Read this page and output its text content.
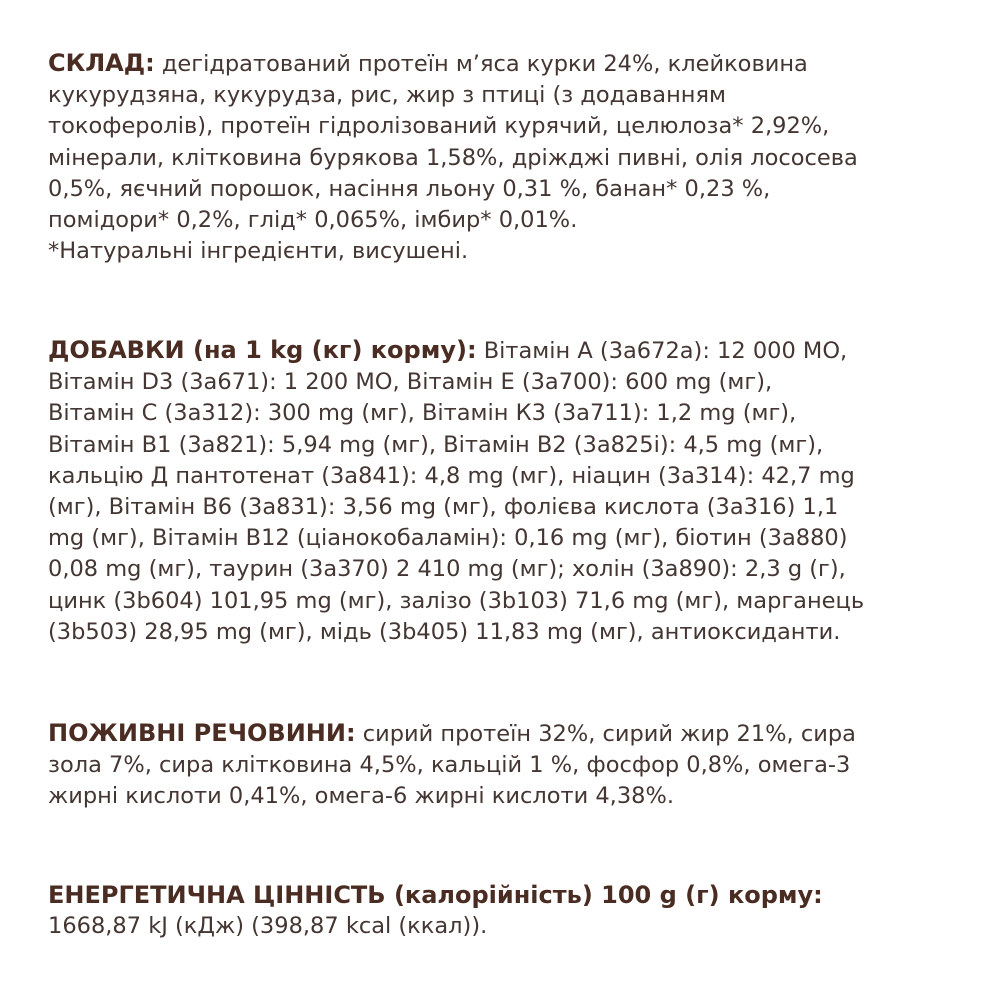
СКЛАД: дегідратований протеїн м’яса курки 24%, клейковина
кукурудзяна, кукурудза, рис, жир з птиці (з додаванням
токоферолів), протеїн гідролізований курячий, целюлоза* 2,92%,
мінерали, клітковина бурякова 1,58%, дріжджі пивні, олія лососева
0,5%, яєчний порошок, насіння льону 0,31 %, банан* 0,23 %,
помідори* 0,2%, глід* 0,065%, імбир* 0,01%.
*Натуральні інгредієнти, висушені.
ДОБАВКИ (на 1 kg (кг) корму): Вітамін А (3а672а): 12 000 МО,
Вітамін D3 (3а671): 1 200 МО, Вітамін Е (3а700): 600 mg (мг),
Вітамін С (3а312): 300 mg (мг), Вітамін К3 (3а711): 1,2 mg (мг),
Вітамін В1 (3а821): 5,94 mg (мг), Вітамін В2 (3а825і): 4,5 mg (мг),
кальцію Д пантотенат (3а841): 4,8 mg (мг), ніацин (3а314): 42,7 mg
(мг), Вітамін В6 (3а831): 3,56 mg (мг), фолієва кислота (3а316) 1,1
mg (мг), Вітамін В12 (ціанокобаламін): 0,16 mg (мг), біотин (3а880)
0,08 mg (мг), таурин (3а370) 2 410 mg (мг); холін (3а890): 2,3 g (г),
цинк (3b604) 101,95 mg (мг), залізо (3b103) 71,6 mg (мг), марганець
(3b503) 28,95 mg (мг), мідь (3b405) 11,83 mg (мг), антиоксиданти.
ПОЖИВНІ РЕЧОВИНИ: сирий протеїн 32%, сирий жир 21%, сира
зола 7%, сира клітковина 4,5%, кальцій 1 %, фосфор 0,8%, омега-3
жирні кислоти 0,41%, омега-6 жирні кислоти 4,38%.
ЕНЕРГЕТИЧНА ЦІННІСТЬ (калорійність) 100 g (г) корму:
1668,87 kJ (кДж) (398,87 kcal (ккал)).
